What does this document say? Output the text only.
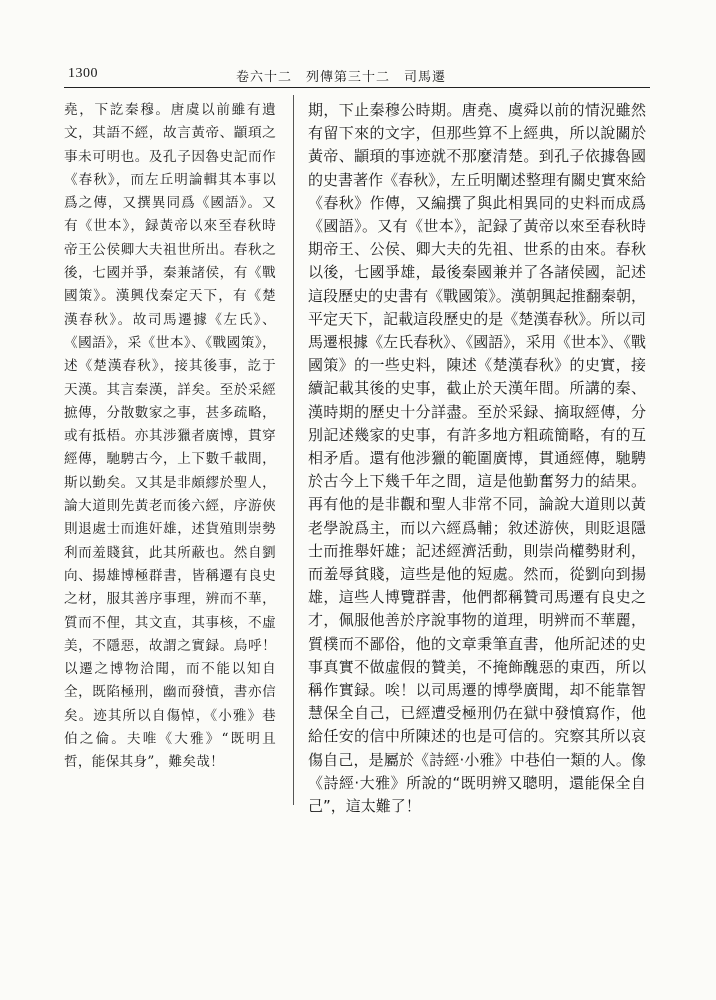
1300	卷六十二　列傳第三十二　司馬遷

堯，下訖秦穆。唐虞以前雖有遺文，其語不經，故言黃帝、顓頊之事未可明也。及孔子因魯史記而作《春秋》，而左丘明論輯其本事以爲之傳，又撰異同爲《國語》。又有《世本》，録黃帝以來至春秋時帝王公侯卿大夫祖世所出。春秋之後，七國并爭，秦兼諸侯，有《戰國策》。漢興伐秦定天下，有《楚漢春秋》。故司馬遷據《左氏》、《國語》，采《世本》、《戰國策》，述《楚漢春秋》，接其後事，訖于天漢。其言秦漢，詳矣。至於采經摭傳，分散數家之事，甚多疏略，或有抵梧。亦其涉獵者廣博，貫穿經傳，馳騁古今，上下數千載間，斯以勤矣。又其是非頗繆於聖人，論大道則先黃老而後六經，序游俠則退處士而進奸雄，述貨殖則崇勢利而羞賤貧，此其所蔽也。然自劉向、揚雄博極群書，皆稱遷有良史之材，服其善序事理，辨而不華，質而不俚，其文直，其事核，不虛美，不隱惡，故謂之實録。烏呼！以遷之博物洽聞，而不能以知自全，既陷極刑，幽而發憤，書亦信矣。迹其所以自傷悼，《小雅》巷伯之倫。夫唯《大雅》“既明且哲，能保其身”，難矣哉！

期，下止秦穆公時期。唐堯、虞舜以前的情況雖然有留下來的文字，但那些算不上經典，所以說關於黃帝、顓頊的事迹就不那麼清楚。到孔子依據魯國的史書著作《春秋》，左丘明闡述整理有關史實來給《春秋》作傳，又編撰了與此相異同的史料而成爲《國語》。又有《世本》，記録了黃帝以來至春秋時期帝王、公侯、卿大夫的先祖、世系的由來。春秋以後，七國爭雄，最後秦國兼并了各諸侯國，記述這段歷史的史書有《戰國策》。漢朝興起推翻秦朝，平定天下，記載這段歷史的是《楚漢春秋》。所以司馬遷根據《左氏春秋》、《國語》，采用《世本》、《戰國策》的一些史料，陳述《楚漢春秋》的史實，接續記載其後的史事，截止於天漢年間。所講的秦、漢時期的歷史十分詳盡。至於采録、摘取經傳，分別記述幾家的史事，有許多地方粗疏簡略，有的互相矛盾。還有他涉獵的範圍廣博，貫通經傳，馳騁於古今上下幾千年之間，這是他勤奮努力的結果。再有他的是非觀和聖人非常不同，論說大道則以黃老學說爲主，而以六經爲輔；敘述游俠，則貶退隱士而推舉奸雄；記述經濟活動，則崇尚權勢財利，而羞辱貧賤，這些是他的短處。然而，從劉向到揚雄，這些人博覽群書，他們都稱贊司馬遷有良史之才，佩服他善於序說事物的道理，明辨而不華麗，質樸而不鄙俗，他的文章秉筆直書，他所記述的史事真實不做虛假的贊美，不掩飾醜惡的東西，所以稱作實録。唉！以司馬遷的博學廣聞，却不能靠智慧保全自己，已經遭受極刑仍在獄中發憤寫作，他給任安的信中所陳述的也是可信的。究察其所以哀傷自己，是屬於《詩經·小雅》中巷伯一類的人。像《詩經·大雅》所說的“既明辨又聰明，還能保全自己”，這太難了！
